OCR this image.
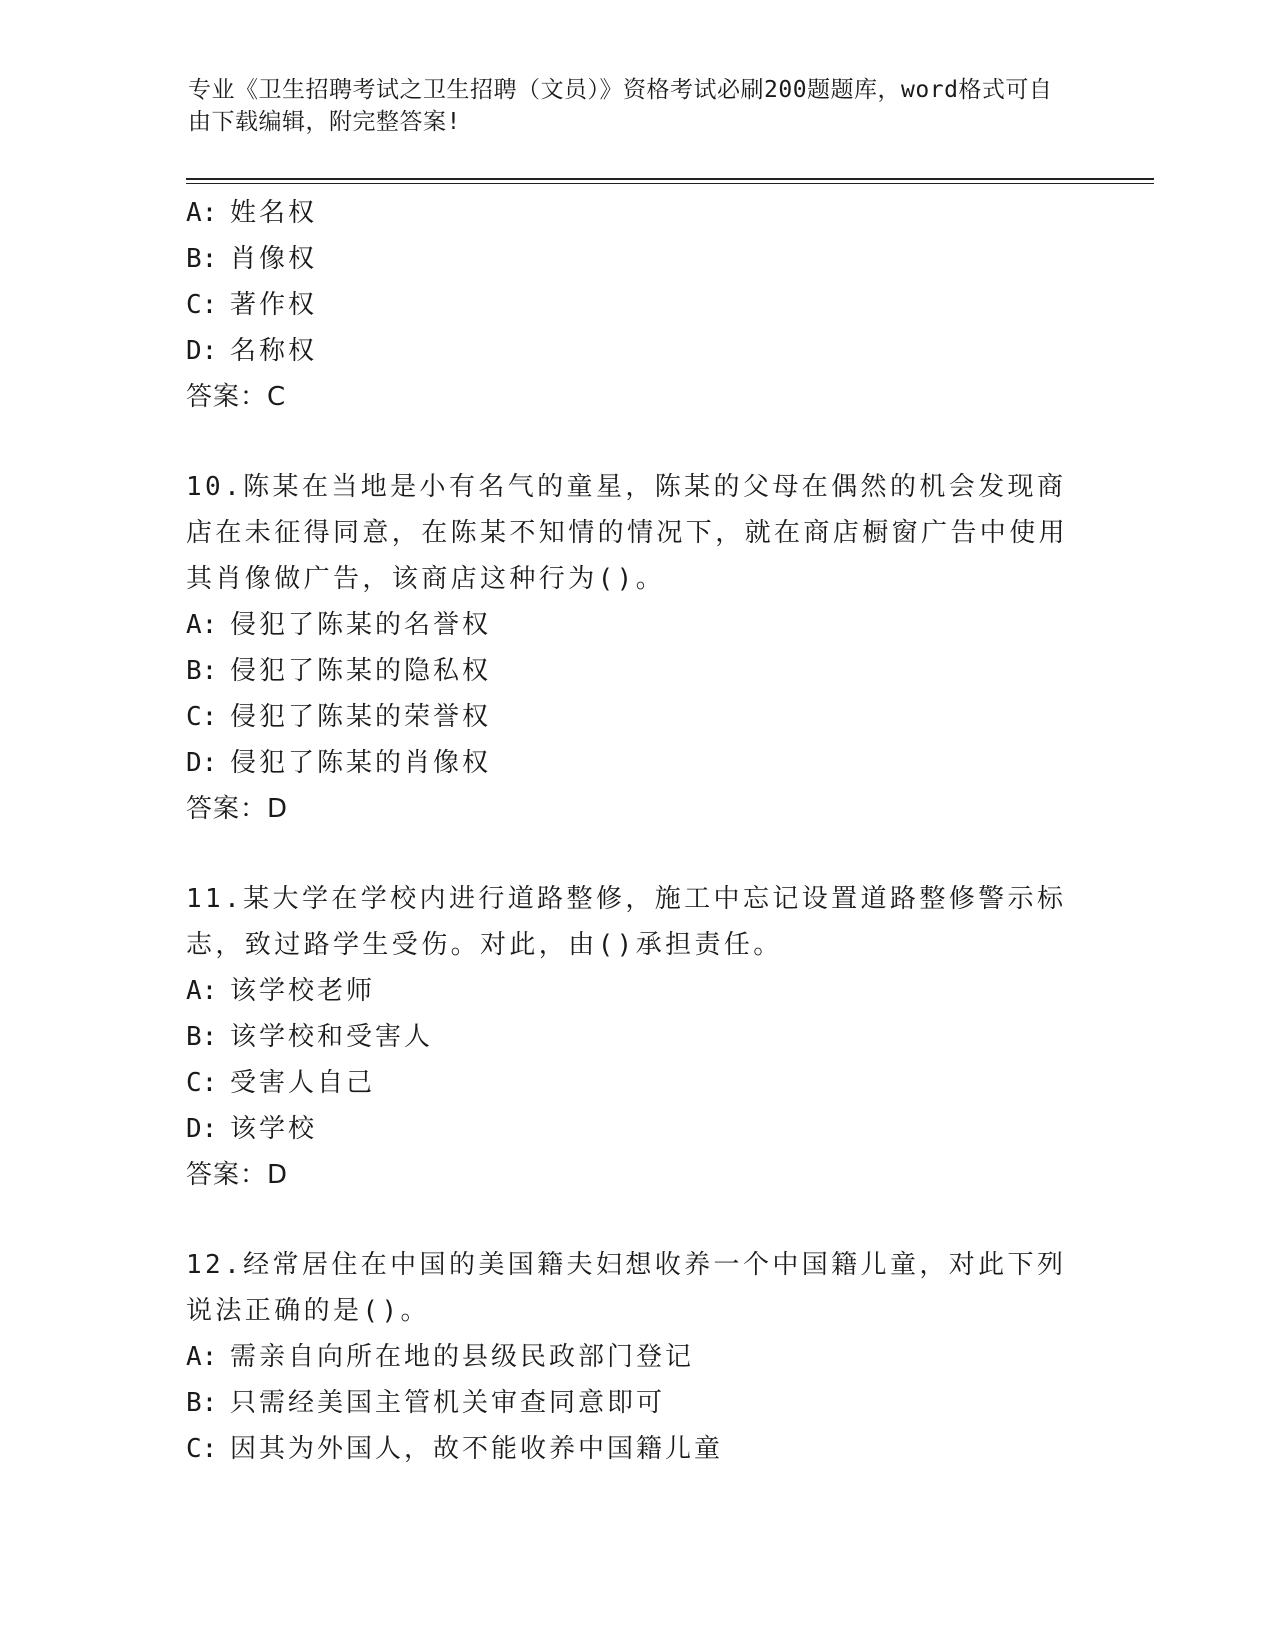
专业《卫生招聘考试之卫生招聘（文员）》资格考试必刷200题题库，word格式可自由下载编辑，附完整答案!
A: 姓名权
B: 肖像权
C: 著作权
D: 名称权
答案：C
10.陈某在当地是小有名气的童星，陈某的父母在偶然的机会发现商店在未征得同意，在陈某不知情的情况下，就在商店橱窗广告中使用其肖像做广告，该商店这种行为()。
A: 侵犯了陈某的名誉权
B: 侵犯了陈某的隐私权
C: 侵犯了陈某的荣誉权
D: 侵犯了陈某的肖像权
答案：D
11.某大学在学校内进行道路整修，施工中忘记设置道路整修警示标志，致过路学生受伤。对此，由()承担责任。
A: 该学校老师
B: 该学校和受害人
C: 受害人自己
D: 该学校
答案：D
12.经常居住在中国的美国籍夫妇想收养一个中国籍儿童，对此下列说法正确的是()。
A: 需亲自向所在地的县级民政部门登记
B: 只需经美国主管机关审查同意即可
C: 因其为外国人，故不能收养中国籍儿童
